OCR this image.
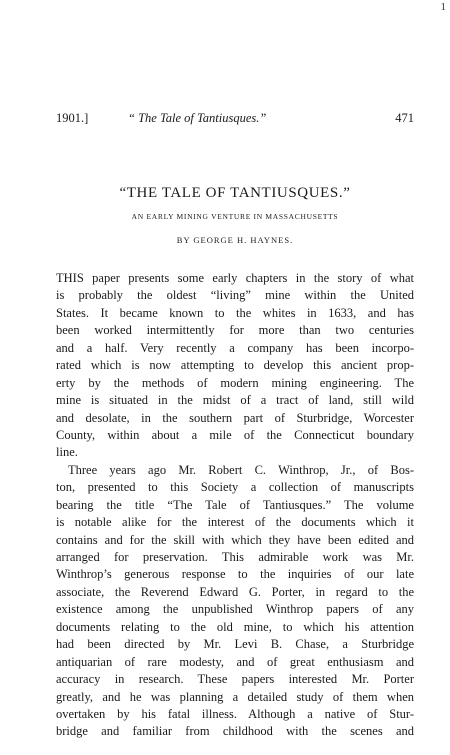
1
1901.]	“ The Tale of Tantiusques.”	471
“THE TALE OF TANTIUSQUES.”
AN EARLY MINING VENTURE IN MASSACHUSETTS
BY GEORGE H. HAYNES.
THIS paper presents some early chapters in the story of what
is probably the oldest “living” mine within the United
States. It became known to the whites in 1633, and has
been worked intermittently for more than two centuries
and a half. Very recently a company has been incorpo-
rated which is now attempting to develop this ancient prop-
erty by the methods of modern mining engineering. The
mine is situated in the midst of a tract of land, still wild
and desolate, in the southern part of Sturbridge, Worcester
County, within about a mile of the Connecticut boundary
line.
Three years ago Mr. Robert C. Winthrop, Jr., of Bos-
ton, presented to this Society a collection of manuscripts
bearing the title “The Tale of Tantiusques.” The volume
is notable alike for the interest of the documents which it
contains and for the skill with which they have been edited and
arranged for preservation. This admirable work was Mr.
Winthrop’s generous response to the inquiries of our late
associate, the Reverend Edward G. Porter, in regard to the
existence among the unpublished Winthrop papers of any
documents relating to the old mine, to which his attention
had been directed by Mr. Levi B. Chase, a Sturbridge
antiquarian of rare modesty, and of great enthusiasm and
accuracy in research. These papers interested Mr. Porter
greatly, and he was planning a detailed study of them when
overtaken by his fatal illness. Although a native of Stur-
bridge and familiar from childhood with the scenes and
